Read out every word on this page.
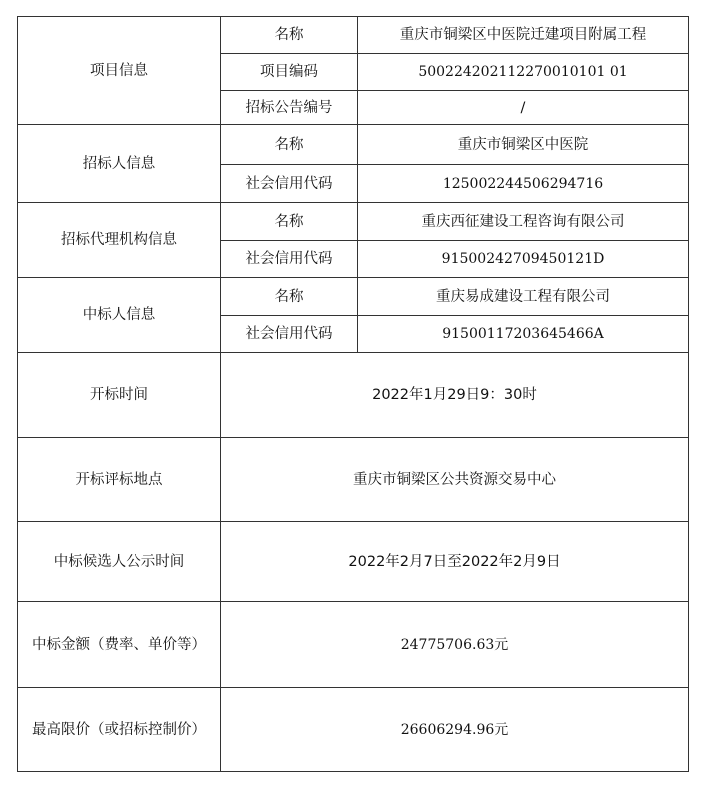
项目信息	名称	重庆市铜梁区中医院迁建项目附属工程
	项目编码	500224202112270010101 01
	招标公告编号	/
招标人信息	名称	重庆市铜梁区中医院
	社会信用代码	125002244506294716
招标代理机构信息	名称	重庆西征建设工程咨询有限公司
	社会信用代码	91500242709450121D
中标人信息	名称	重庆易成建设工程有限公司
	社会信用代码	91500117203645466A
开标时间	2022年1月29日9：30时	
开标评标地点	重庆市铜梁区公共资源交易中心	
中标候选人公示时间	2022年2月7日至2022年2月9日	
中标金额（费率、单价等）	24775706.63元	
最高限价（或招标控制价）	26606294.96元	
